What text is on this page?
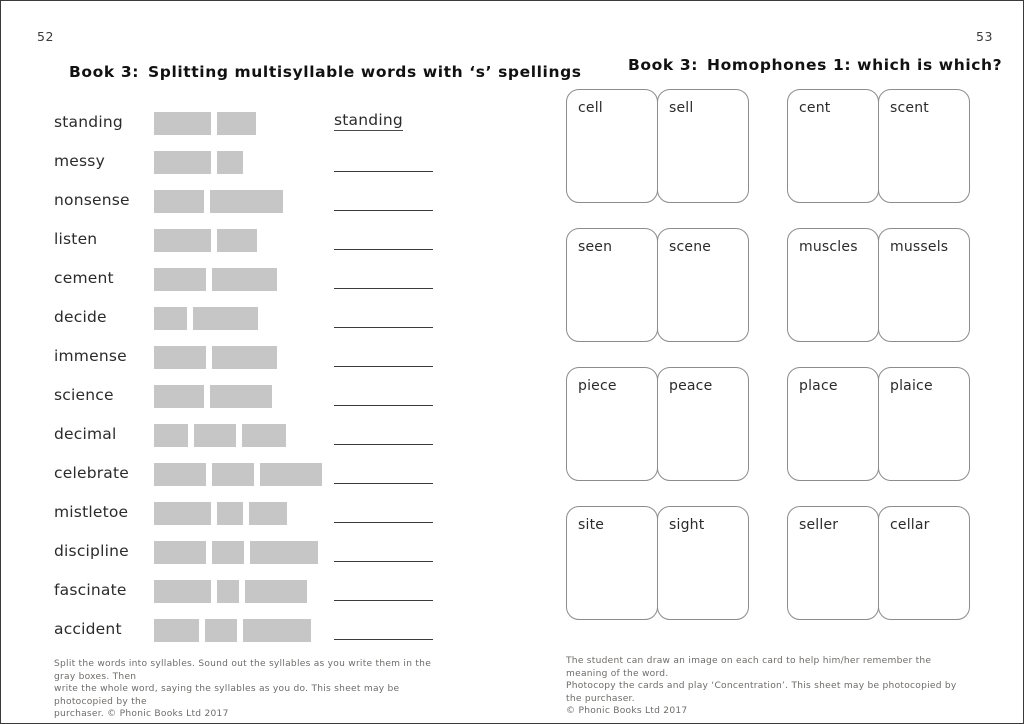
52
Book 3: Splitting multisyllable words with ‘s’ spellings
standing	standing
messy
nonsense
listen
cement
decide
immense
science
decimal
celebrate
mistletoe
discipline
fascinate
accident

Split the words into syllables. Sound out the syllables as you write them in the gray boxes. Then

write the whole word, saying the syllables as you do. This sheet may be photocopied by the

purchaser. © Phonic Books Ltd 2017

53
Book 3: Homophones 1: which is which?
cell	sell	cent	scent
seen	scene	muscles mussels
piece	peace	place	plaice
site	sight	seller	cellar

The student can draw an image on each card to help him/her remember the meaning of the word.

Photocopy the cards and play ‘Concentration’. This sheet may be photocopied by the purchaser.

© Phonic Books Ltd 2017
